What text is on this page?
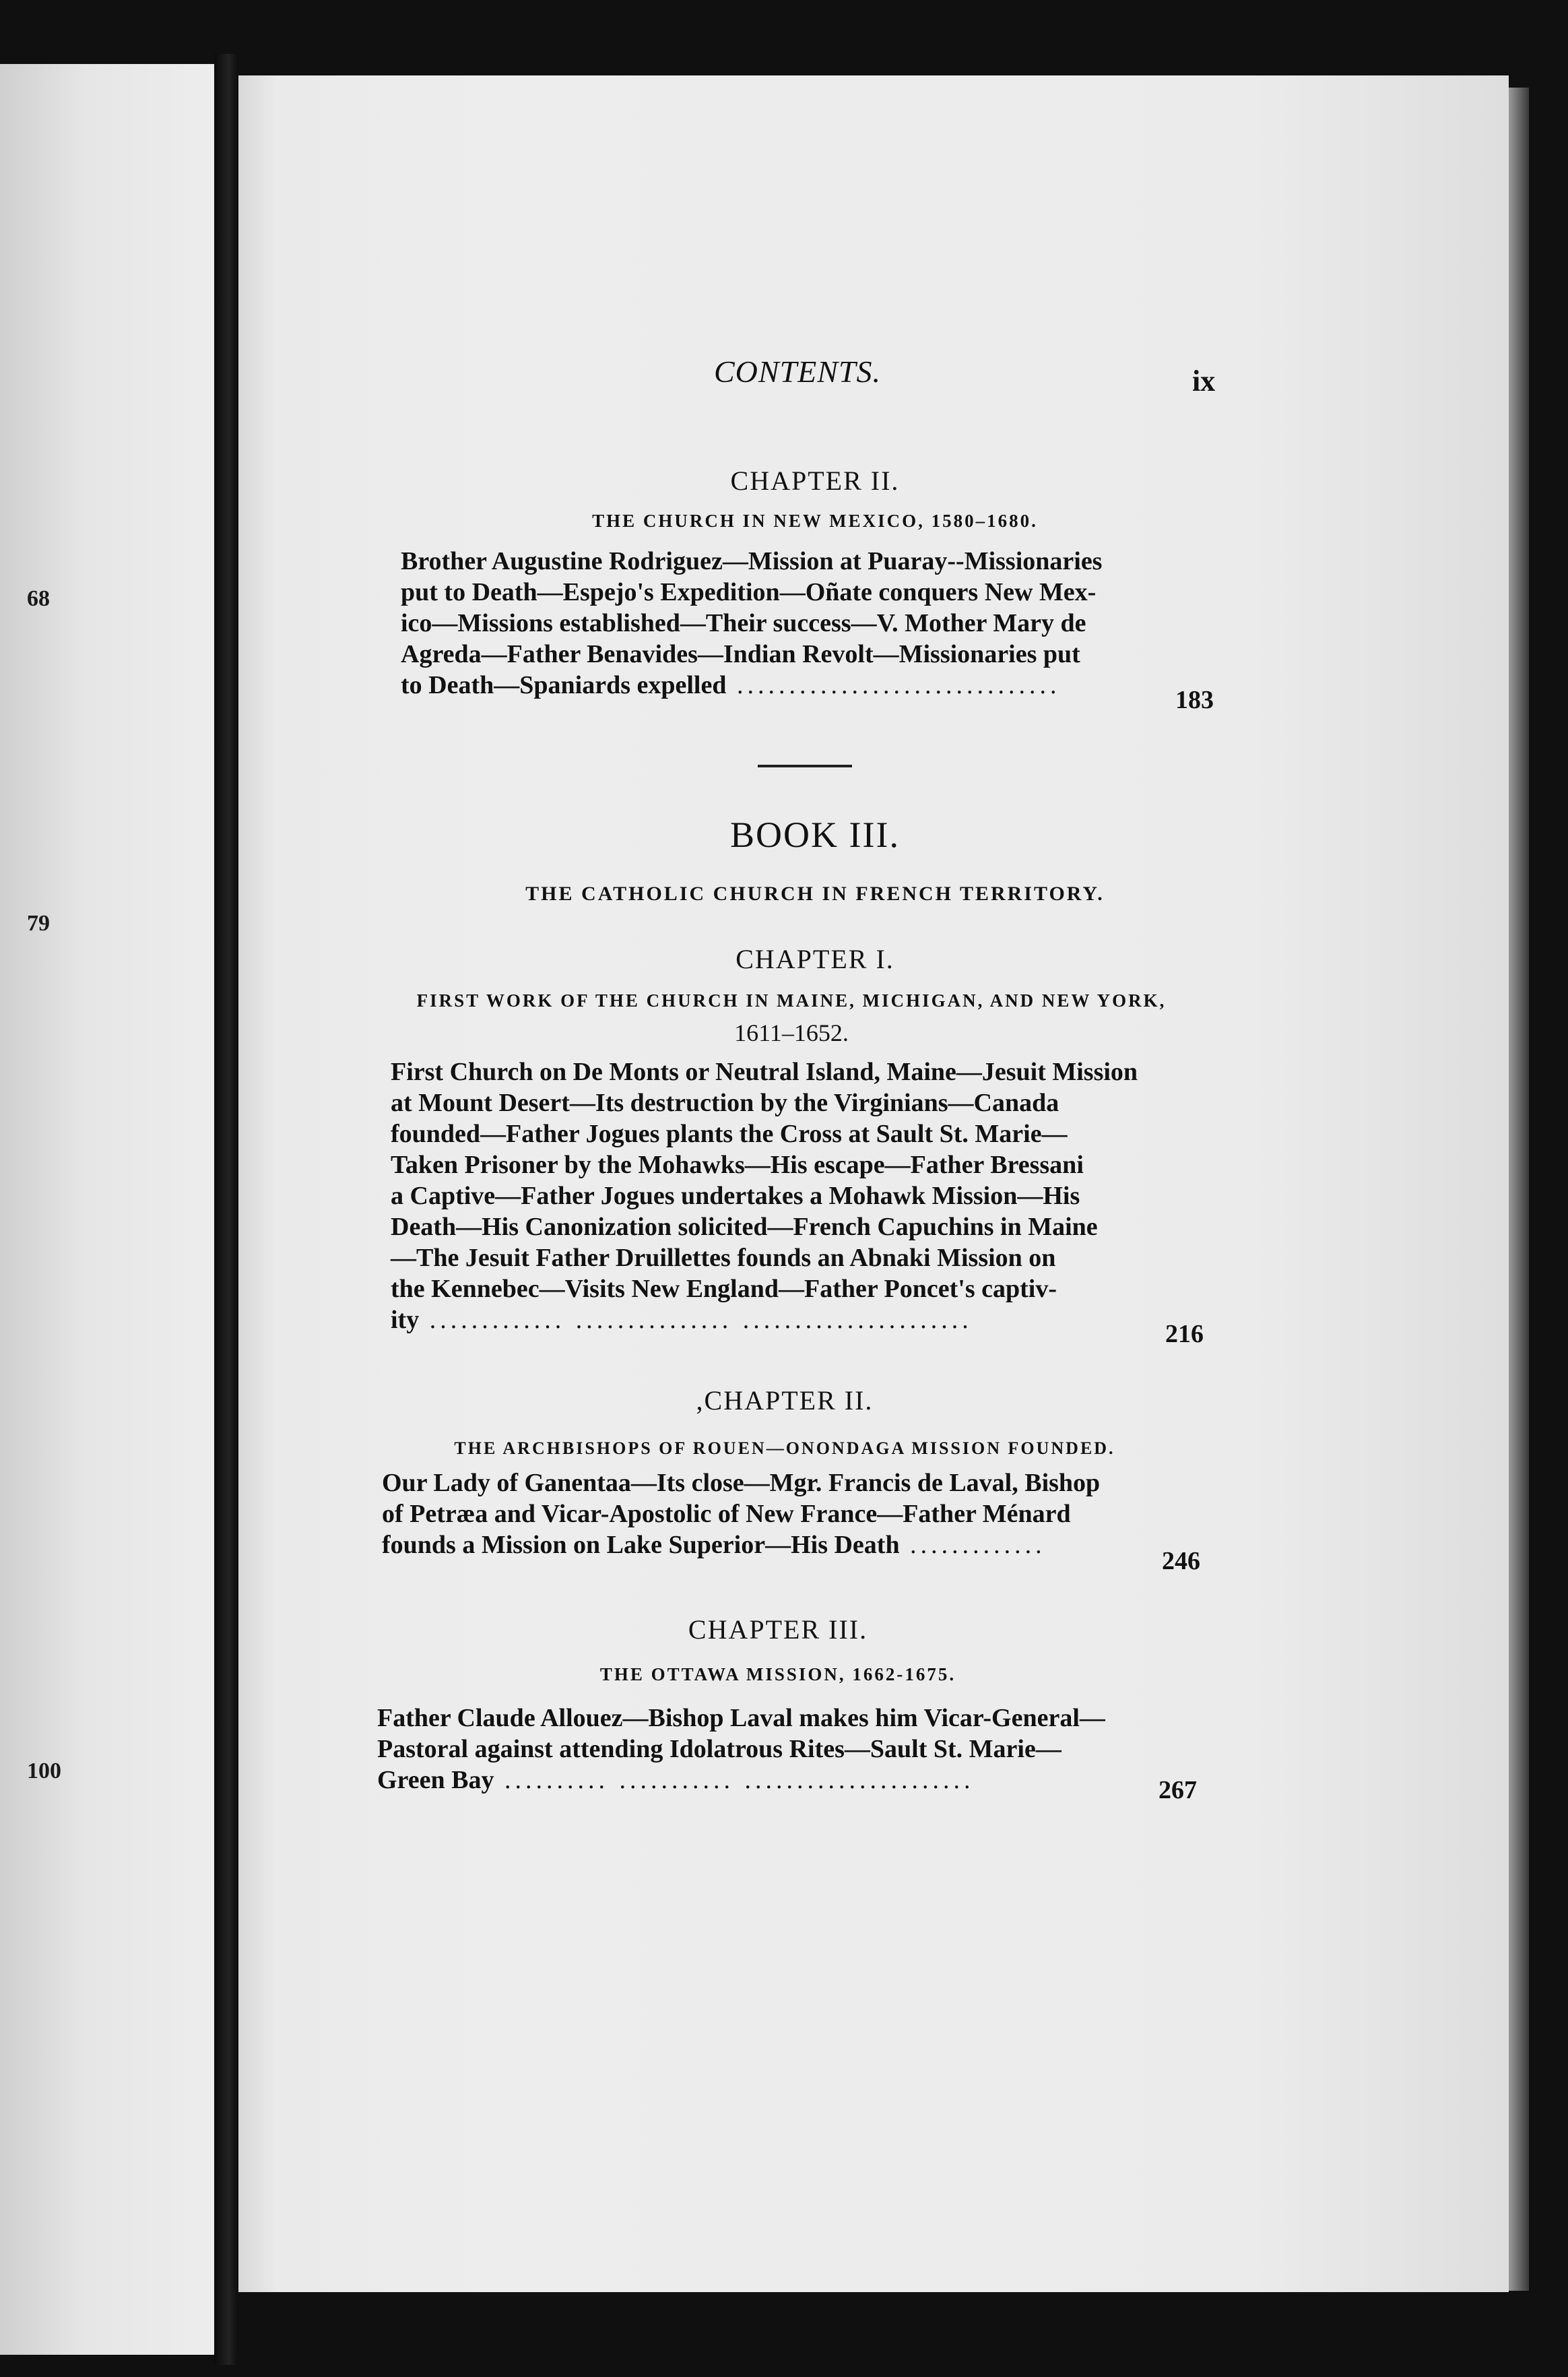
68
79
100
CONTENTS.	ix
CHAPTER II.
THE CHURCH IN NEW MEXICO, 1580–1680.
Brother Augustine Rodriguez—Mission at Puaray--Missionaries
put to Death—Espejo's Expedition—Oñate conquers New Mex-
ico—Missions established—Their success—V. Mother Mary de
Agreda—Father Benavides—Indian Revolt—Missionaries put
to Death—Spaniards expelled ...............................
183
BOOK III.
THE CATHOLIC CHURCH IN FRENCH TERRITORY.
CHAPTER I.
FIRST WORK OF THE CHURCH IN MAINE, MICHIGAN, AND NEW YORK,
1611–1652.
First Church on De Monts or Neutral Island, Maine—Jesuit Mission
at Mount Desert—Its destruction by the Virginians—Canada
founded—Father Jogues plants the Cross at Sault St. Marie—
Taken Prisoner by the Mohawks—His escape—Father Bressani
a Captive—Father Jogues undertakes a Mohawk Mission—His
Death—His Canonization solicited—French Capuchins in Maine
—The Jesuit Father Druillettes founds an Abnaki Mission on
the Kennebec—Visits New England—Father Poncet's captiv-
ity ............. ............... ......................	216
,CHAPTER II.
THE ARCHBISHOPS OF ROUEN—ONONDAGA MISSION FOUNDED.
Our Lady of Ganentaa—Its close—Mgr. Francis de Laval, Bishop
of Petræa and Vicar-Apostolic of New France—Father Ménard
founds a Mission on Lake Superior—His Death .............
246
CHAPTER III.
THE OTTAWA MISSION, 1662-1675.
Father Claude Allouez—Bishop Laval makes him Vicar-General—
Pastoral against attending Idolatrous Rites—Sault St. Marie—
Green Bay .......... ........... ......................	267
